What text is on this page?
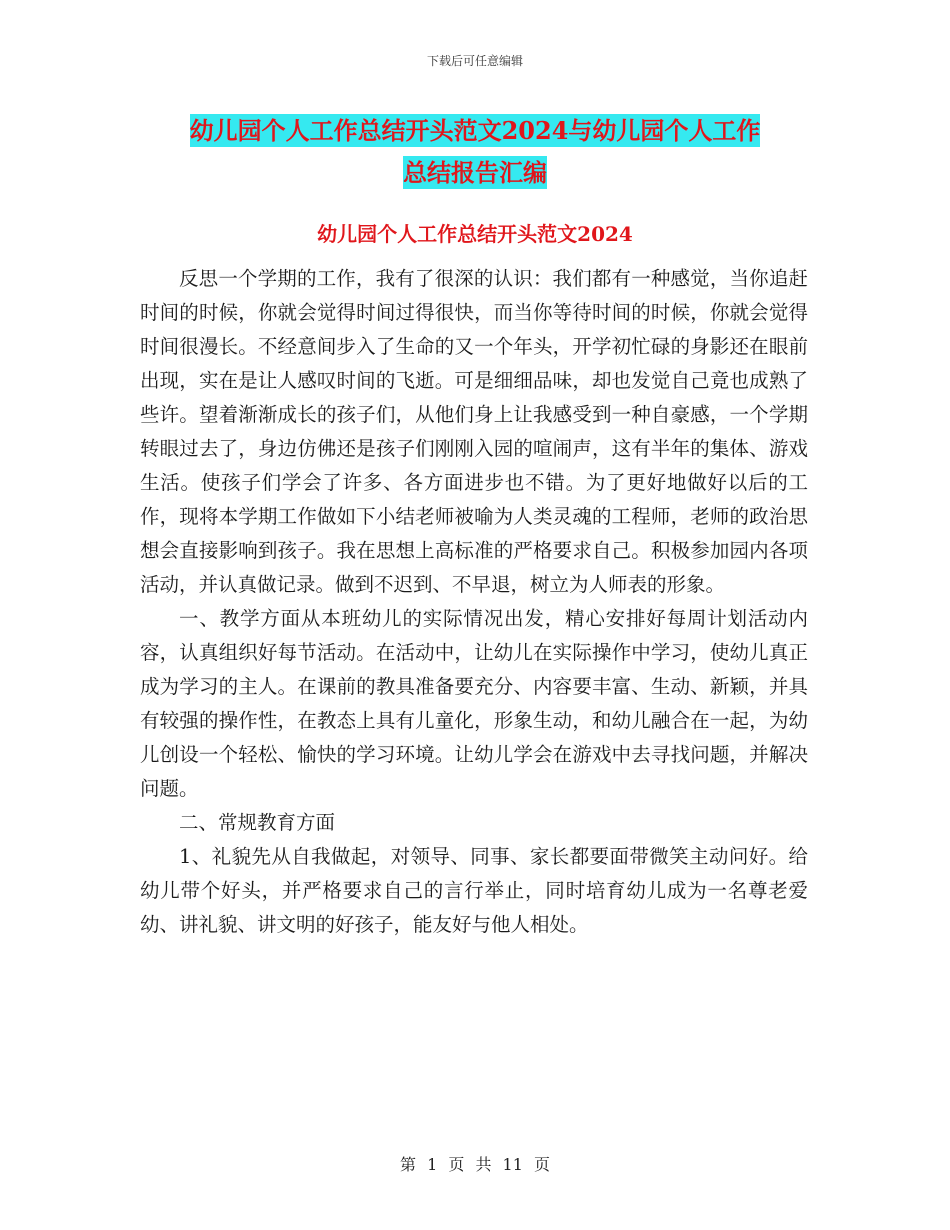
下载后可任意编辑
幼儿园个人工作总结开头范文2024与幼儿园个人工作
总结报告汇编
幼儿园个人工作总结开头范文2024

反思一个学期的工作，我有了很深的认识：我们都有一种感觉，当你追赶时间的时候，你就会觉得时间过得很快，而当你等待时间的时候，你就会觉得时间很漫长。不经意间步入了生命的又一个年头，开学初忙碌的身影还在眼前出现，实在是让人感叹时间的飞逝。可是细细品味，却也发觉自己竟也成熟了些许。望着渐渐成长的孩子们，从他们身上让我感受到一种自豪感，一个学期转眼过去了，身边仿佛还是孩子们刚刚入园的喧闹声，这有半年的集体、游戏生活。使孩子们学会了许多、各方面进步也不错。为了更好地做好以后的工作，现将本学期工作做如下小结老师被喻为人类灵魂的工程师，老师的政治思想会直接影响到孩子。我在思想上高标准的严格要求自己。积极参加园内各项活动，并认真做记录。做到不迟到、不早退，树立为人师表的形象。

一、教学方面从本班幼儿的实际情况出发，精心安排好每周计划活动内容，认真组织好每节活动。在活动中，让幼儿在实际操作中学习，使幼儿真正成为学习的主人。在课前的教具准备要充分、内容要丰富、生动、新颖，并具有较强的操作性，在教态上具有儿童化，形象生动，和幼儿融合在一起，为幼儿创设一个轻松、愉快的学习环境。让幼儿学会在游戏中去寻找问题，并解决问题。

二、常规教育方面

1、礼貌先从自我做起，对领导、同事、家长都要面带微笑主动问好。给幼儿带个好头，并严格要求自己的言行举止，同时培育幼儿成为一名尊老爱幼、讲礼貌、讲文明的好孩子，能友好与他人相处。

第 1 页 共 11 页
